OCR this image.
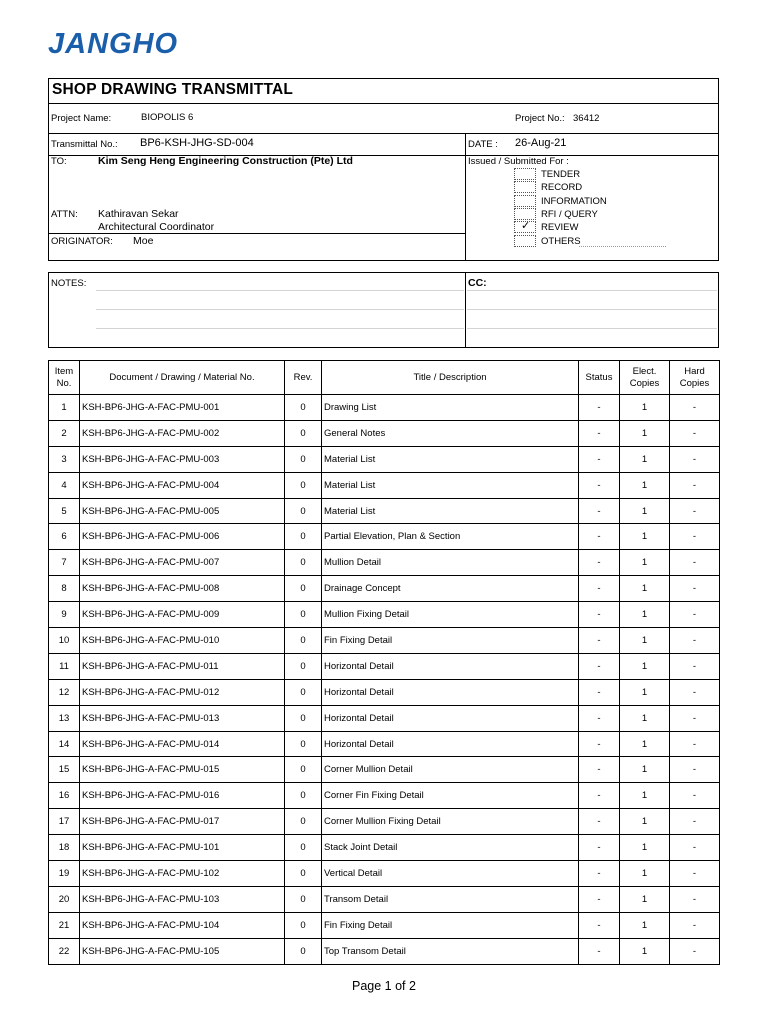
JANGHO
SHOP DRAWING TRANSMITTAL
Project Name:	BIOPOLIS 6	Project No.: 36412
Transmittal No.: BP6-KSH-JHG-SD-004	DATE : 26-Aug-21
TO:	Kim Seng Heng Engineering Construction (Pte) Ltd
ATTN: Kathiravan Sekar
Architectural Coordinator
ORIGINATOR: Moe
Issued / Submitted For :
TENDER
RECORD
INFORMATION
RFI / QUERY
✓ REVIEW
OTHERS
NOTES:	CC:
Item No.	Document / Drawing / Material No.	Rev.	Title / Description	Status	Elect. Copies	Hard Copies
1	KSH-BP6-JHG-A-FAC-PMU-001	0	Drawing List	-	1	-
2	KSH-BP6-JHG-A-FAC-PMU-002	0	General Notes	-	1	-
3	KSH-BP6-JHG-A-FAC-PMU-003	0	Material List	-	1	-
4	KSH-BP6-JHG-A-FAC-PMU-004	0	Material List	-	1	-
5	KSH-BP6-JHG-A-FAC-PMU-005	0	Material List	-	1	-
6	KSH-BP6-JHG-A-FAC-PMU-006	0	Partial Elevation, Plan & Section	-	1	-
7	KSH-BP6-JHG-A-FAC-PMU-007	0	Mullion Detail	-	1	-
8	KSH-BP6-JHG-A-FAC-PMU-008	0	Drainage Concept	-	1	-
9	KSH-BP6-JHG-A-FAC-PMU-009	0	Mullion Fixing Detail	-	1	-
10	KSH-BP6-JHG-A-FAC-PMU-010	0	Fin Fixing Detail	-	1	-
11	KSH-BP6-JHG-A-FAC-PMU-011	0	Horizontal Detail	-	1	-
12	KSH-BP6-JHG-A-FAC-PMU-012	0	Horizontal Detail	-	1	-
13	KSH-BP6-JHG-A-FAC-PMU-013	0	Horizontal Detail	-	1	-
14	KSH-BP6-JHG-A-FAC-PMU-014	0	Horizontal Detail	-	1	-
15	KSH-BP6-JHG-A-FAC-PMU-015	0	Corner Mullion Detail	-	1	-
16	KSH-BP6-JHG-A-FAC-PMU-016	0	Corner Fin Fixing Detail	-	1	-
17	KSH-BP6-JHG-A-FAC-PMU-017	0	Corner Mullion Fixing Detail	-	1	-
18	KSH-BP6-JHG-A-FAC-PMU-101	0	Stack Joint Detail	-	1	-
19	KSH-BP6-JHG-A-FAC-PMU-102	0	Vertical Detail	-	1	-
20	KSH-BP6-JHG-A-FAC-PMU-103	0	Transom Detail	-	1	-
21	KSH-BP6-JHG-A-FAC-PMU-104	0	Fin Fixing Detail	-	1	-
22	KSH-BP6-JHG-A-FAC-PMU-105	0	Top Transom Detail	-	1	-
Page 1 of 2
